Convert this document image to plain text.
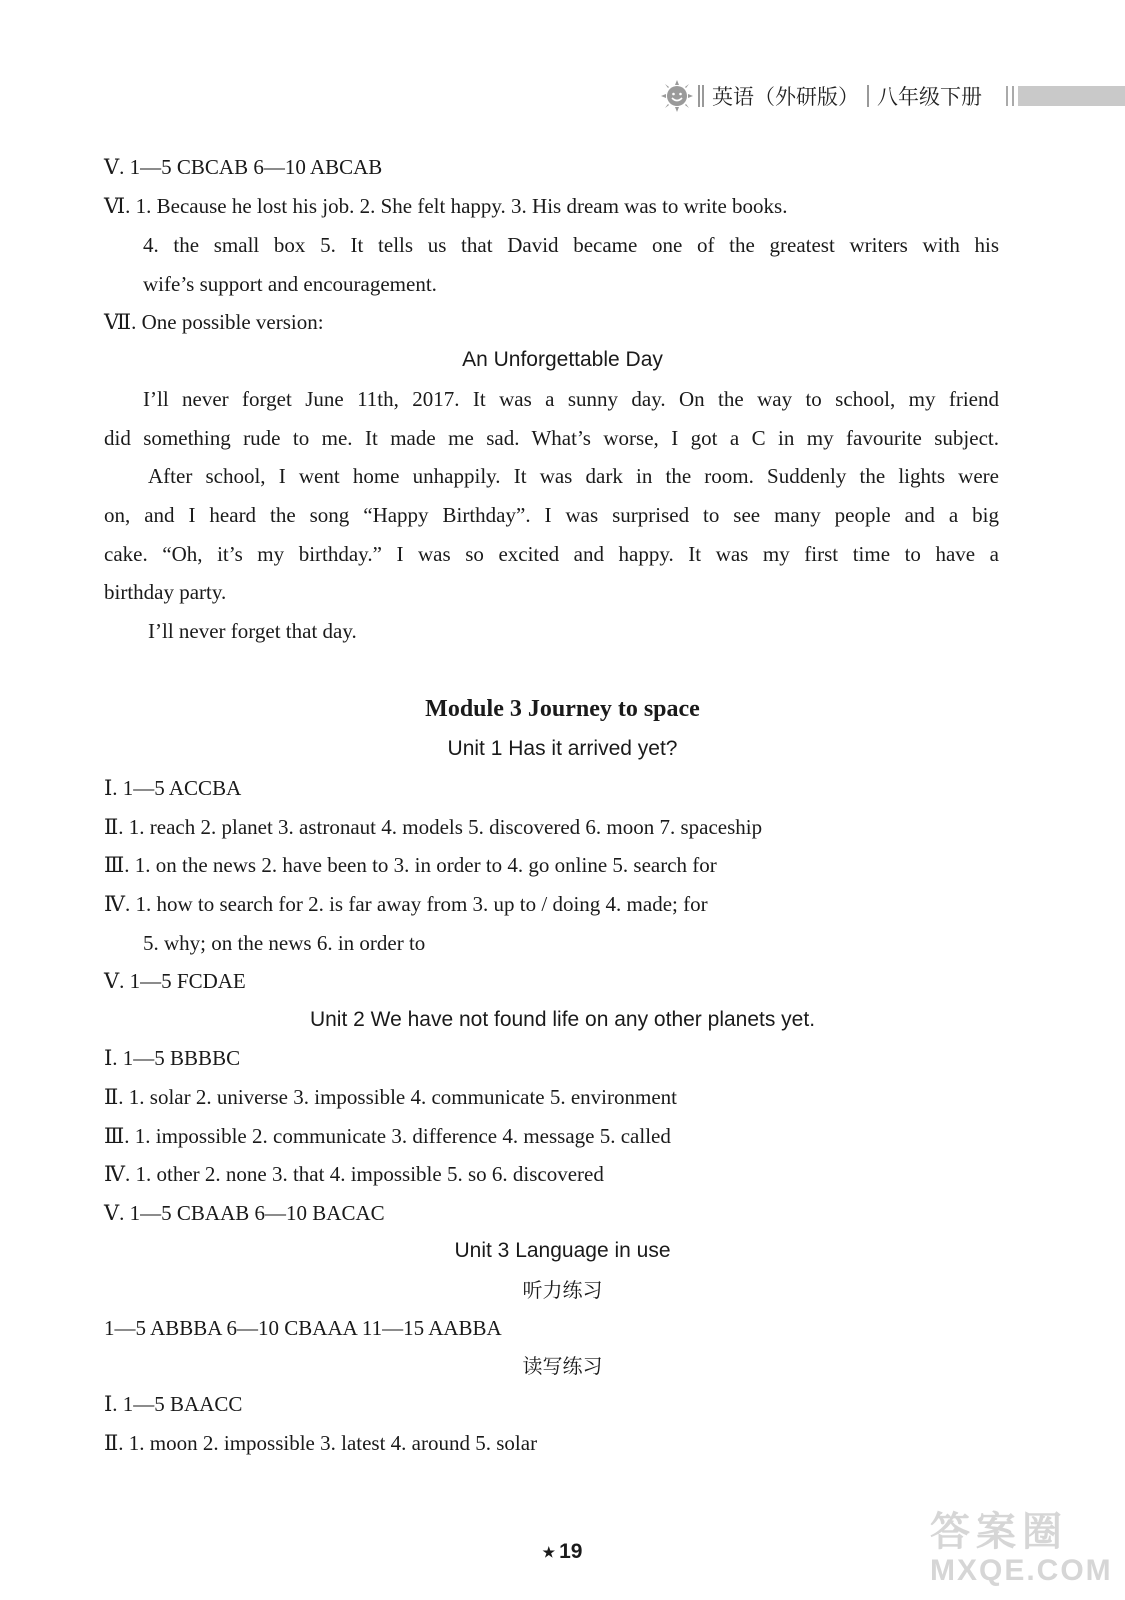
英语（外研版） 八年级下册
Ⅴ. 1—5 CBCAB 6—10 ABCAB
Ⅵ. 1. Because he lost his job. 2. She felt happy. 3. His dream was to write books.
4. the small box 5. It tells us that David became one of the greatest writers with his
wife’s support and encouragement.
Ⅶ. One possible version:
An Unforgettable Day
I’ll never forget June 11th, 2017. It was a sunny day. On the way to school, my friend
did something rude to me. It made me sad. What’s worse, I got a C in my favourite subject.
After school, I went home unhappily. It was dark in the room. Suddenly the lights were
on, and I heard the song “Happy Birthday”. I was surprised to see many people and a big
cake. “Oh, it’s my birthday.” I was so excited and happy. It was my first time to have a
birthday party.
I’ll never forget that day.
Module 3 Journey to space
Unit 1 Has it arrived yet?
Ⅰ. 1—5 ACCBA
Ⅱ. 1. reach 2. planet 3. astronaut 4. models 5. discovered 6. moon 7. spaceship
Ⅲ. 1. on the news 2. have been to 3. in order to 4. go online 5. search for
Ⅳ. 1. how to search for 2. is far away from 3. up to / doing 4. made; for
5. why; on the news 6. in order to
Ⅴ. 1—5 FCDAE
Unit 2 We have not found life on any other planets yet.
Ⅰ. 1—5 BBBBC
Ⅱ. 1. solar 2. universe 3. impossible 4. communicate 5. environment
Ⅲ. 1. impossible 2. communicate 3. difference 4. message 5. called
Ⅳ. 1. other 2. none 3. that 4. impossible 5. so 6. discovered
Ⅴ. 1—5 CBAAB 6—10 BACAC
Unit 3 Language in use
听力练习
1—5 ABBBA 6—10 CBAAA 11—15 AABBA
读写练习
Ⅰ. 1—5 BAACC
Ⅱ. 1. moon 2. impossible 3. latest 4. around 5. solar
★ 19	答案圈
MXQE.COM
